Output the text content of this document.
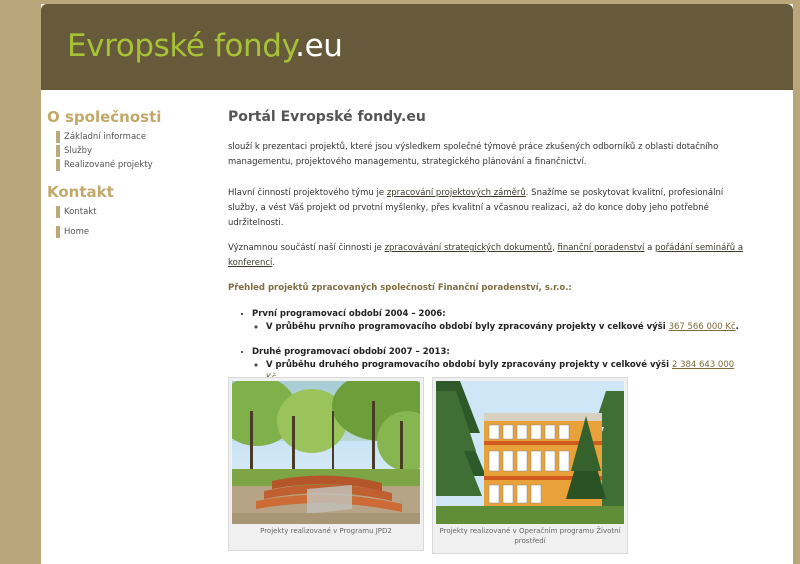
Evropské fondy.eu
O společnosti
Základní informace
Služby
Realizované projekty
Kontakt
Kontakt
Home
Portál Evropské fondy.eu

slouží k prezentaci projektů, které jsou výsledkem společné týmové práce zkušených odborníků z oblasti dotačního managementu, projektového managementu, strategického plánování a finančnictví.

Hlavní činností projektového týmu je zpracování projektových záměrů. Snažíme se poskytovat kvalitní, profesionální služby, a vést Váš projekt od prvotní myšlenky, přes kvalitní a včasnou realizaci, až do konce doby jeho potřebné udržitelnosti.

Významnou součástí naší činnosti je zpracovávání strategických dokumentů, finanční poradenství a pořádání seminářů a konferencí.

Přehled projektů zpracovaných společností Finanční poradenství, s.r.o.:

• První programovací období 2004 – 2006:
◦ V průběhu prvního programovacího období byly zpracovány projekty v celkové výši 367 566 000 Kč.
• Druhé programovací období 2007 – 2013:
◦ V průběhu druhého programovacího období byly zpracovány projekty v celkové výši 2 384 643 000

Projekty realizované v Programu JPD2	Projekty realizované v Operačním programu Životní prostředí
